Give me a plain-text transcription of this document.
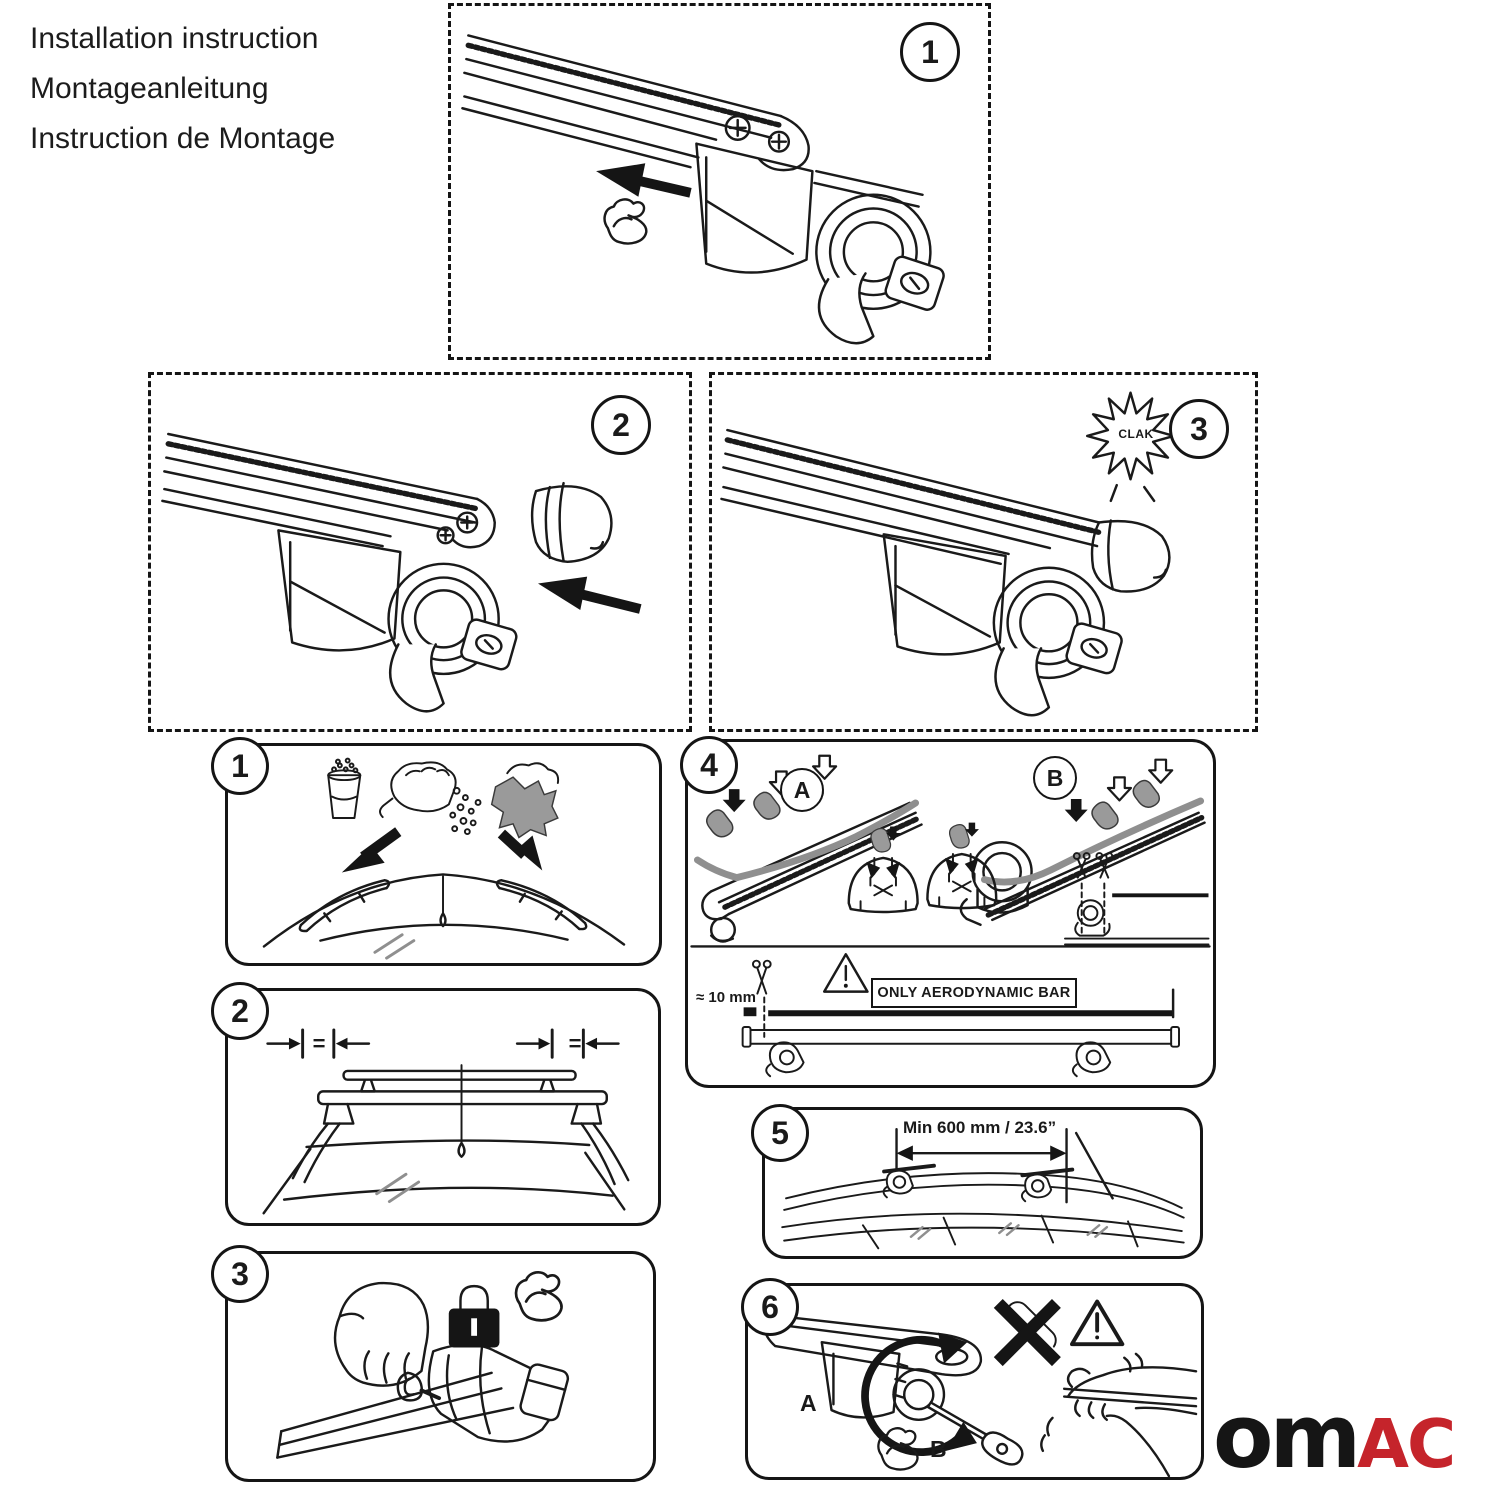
Installation instruction
Montageanleitung
Instruction de Montage
1
2	CLAK	3
1
A	B
≈ 10 mm	ONLY AERODYNAMIC BAR
4
=	=
2
Min 600 mm / 23.6”
5
3
A
B
6
om AC
